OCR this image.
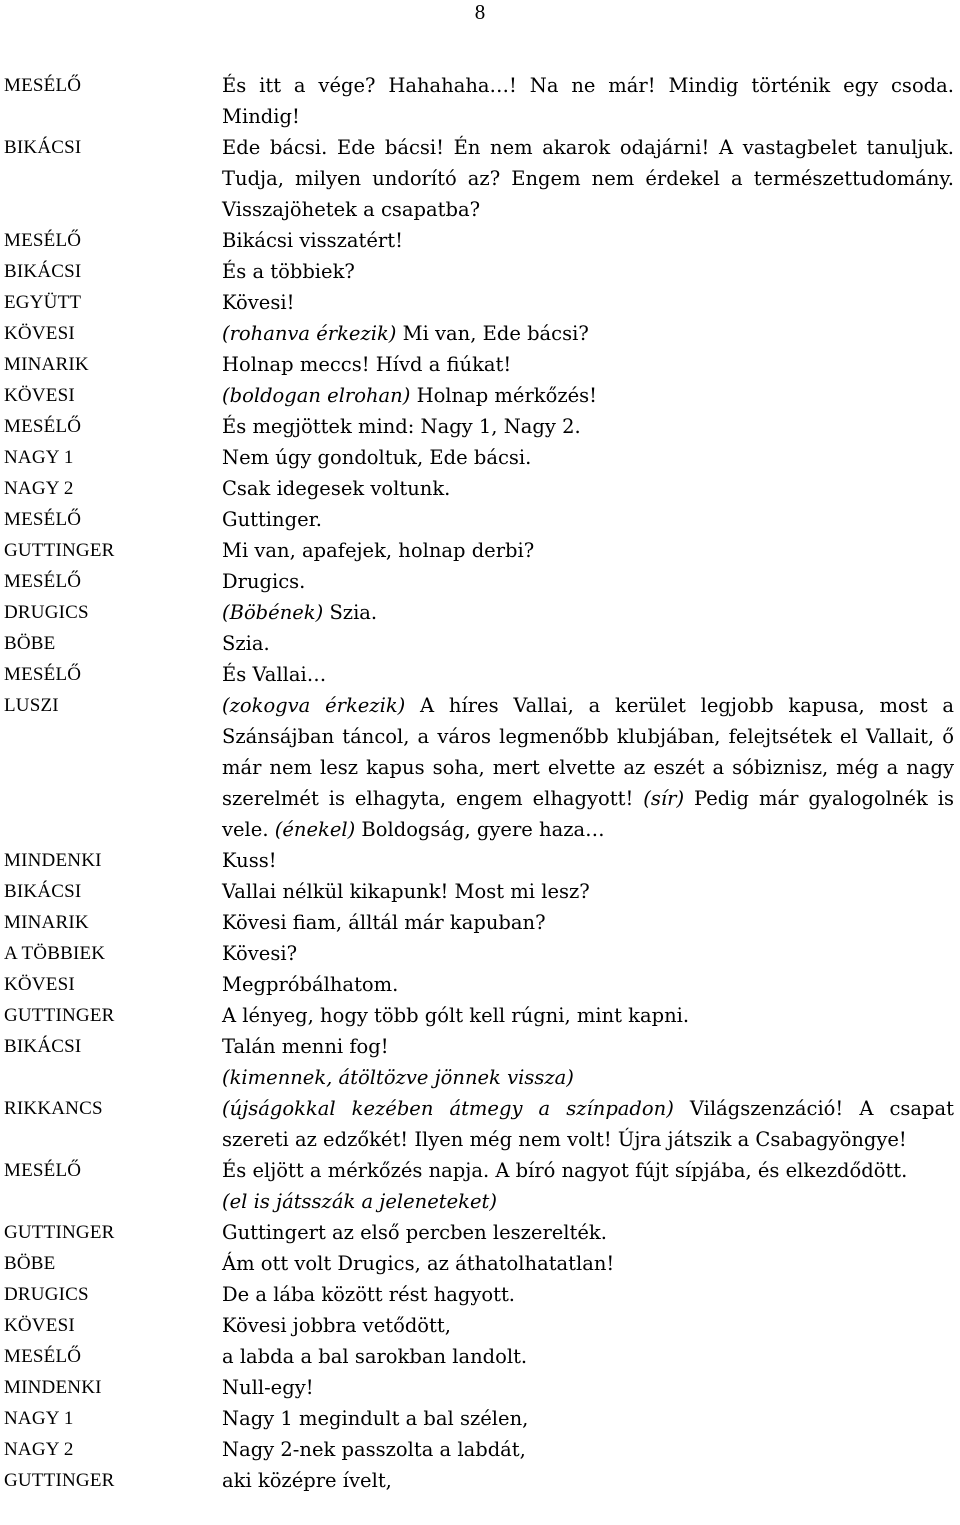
8
MESÉLŐ	És itt a vége? Hahahaha…! Na ne már! Mindig történik egy csoda. Mindig!
BIKÁCSI	Ede bácsi. Ede bácsi! Én nem akarok odajárni! A vastagbelet tanuljuk. Tudja, milyen undorító az? Engem nem érdekel a természettudomány. Visszajöhetek a csapatba?
MESÉLŐ	Bikácsi visszatért!
BIKÁCSI	És a többiek?
EGYÜTT	Kövesi!
KÖVESI	(rohanva érkezik) Mi van, Ede bácsi?
MINARIK	Holnap meccs! Hívd a fiúkat!
KÖVESI	(boldogan elrohan) Holnap mérkőzés!
MESÉLŐ	És megjöttek mind: Nagy 1, Nagy 2.
NAGY 1	Nem úgy gondoltuk, Ede bácsi.
NAGY 2	Csak idegesek voltunk.
MESÉLŐ	Guttinger.
GUTTINGER	Mi van, apafejek, holnap derbi?
MESÉLŐ	Drugics.
DRUGICS	(Böbének) Szia.
BÖBE	Szia.
MESÉLŐ	És Vallai…
LUSZI	(zokogva érkezik) A híres Vallai, a kerület legjobb kapusa, most a Szánsájban táncol, a város legmenőbb klubjában, felejtsétek el Vallait, ő már nem lesz kapus soha, mert elvette az eszét a sóbiznisz, még a nagy szerelmét is elhagyta, engem elhagyott! (sír) Pedig már gyalogolnék is vele. (énekel) Boldogság, gyere haza…
MINDENKI	Kuss!
BIKÁCSI	Vallai nélkül kikapunk! Most mi lesz?
MINARIK	Kövesi fiam, álltál már kapuban?
A TÖBBIEK	Kövesi?
KÖVESI	Megpróbálhatom.
GUTTINGER	A lényeg, hogy több gólt kell rúgni, mint kapni.
BIKÁCSI	Talán menni fog!
(kimennek, átöltözve jönnek vissza)
RIKKANCS	(újságokkal kezében átmegy a színpadon) Világszenzáció! A csapat szereti az edzőkét! Ilyen még nem volt! Újra játszik a Csabagyöngye!
MESÉLŐ	És eljött a mérkőzés napja. A bíró nagyot fújt sípjába, és elkezdődött.
(el is játsszák a jeleneteket)
GUTTINGER	Guttingert az első percben leszerelték.
BÖBE	Ám ott volt Drugics, az áthatolhatatlan!
DRUGICS	De a lába között rést hagyott.
KÖVESI	Kövesi jobbra vetődött,
MESÉLŐ	a labda a bal sarokban landolt.
MINDENKI	Null-egy!
NAGY 1	Nagy 1 megindult a bal szélen,
NAGY 2	Nagy 2-nek passzolta a labdát,
GUTTINGER	aki középre ívelt,
